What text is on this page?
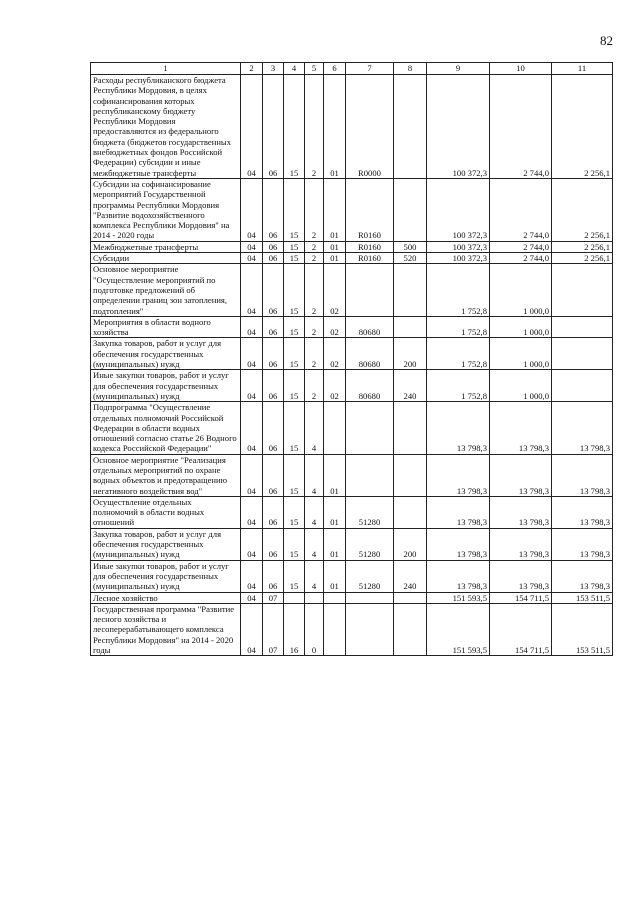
82
1	2	3	4	5	6	7	8	9	10	11
Расходы республиканского бюджета Республики Мордовия, в целях софинансирования которых республиканскому бюджету Республики Мордовия предоставляются из федерального бюджета (бюджетов государственных внебюджетных фондов Российской Федерации) субсидии и иные межбюджетные трансферты	04	06	15	2	01	R0000		100 372,3	2 744,0	2 256,1
Субсидии на софинансирование мероприятий Государственной программы Республики Мордовия "Развитие водохозяйственного комплекса Республики Мордовия" на 2014 - 2020 годы	04	06	15	2	01	R0160		100 372,3	2 744,0	2 256,1
Межбюджетные трансферты	04	06	15	2	01	R0160	500	100 372,3	2 744,0	2 256,1
Субсидии	04	06	15	2	01	R0160	520	100 372,3	2 744,0	2 256,1
Основное мероприятие "Осуществление мероприятий по подготовке предложений об определении границ зон затопления, подтопления"	04	06	15	2	02			1 752,8	1 000,0	
Мероприятия в области водного хозяйства	04	06	15	2	02	80680		1 752,8	1 000,0	
Закупка товаров, работ и услуг для обеспечения государственных (муниципальных) нужд	04	06	15	2	02	80680	200	1 752,8	1 000,0	
Иные закупки товаров, работ и услуг для обеспечения государственных (муниципальных) нужд	04	06	15	2	02	80680	240	1 752,8	1 000,0	
Подпрограмма "Осуществление отдельных полномочий Российской Федерации в области водных отношений согласно статье 26 Водного кодекса Российской Федерации"	04	06	15	4				13 798,3	13 798,3	13 798,3
Основное мероприятие "Реализация отдельных мероприятий по охране водных объектов и предотвращению негативного воздействия вод"	04	06	15	4	01			13 798,3	13 798,3	13 798,3
Осуществление отдельных полномочий в области водных отношений	04	06	15	4	01	51280		13 798,3	13 798,3	13 798,3
Закупка товаров, работ и услуг для обеспечения государственных (муниципальных) нужд	04	06	15	4	01	51280	200	13 798,3	13 798,3	13 798,3
Иные закупки товаров, работ и услуг для обеспечения государственных (муниципальных) нужд	04	06	15	4	01	51280	240	13 798,3	13 798,3	13 798,3
Лесное хозяйство	04	07						151 593,5	154 711,5	153 511,5
Государственная программа "Развитие лесного хозяйства и лесоперерабатывающего комплекса Республики Мордовия" на 2014 - 2020 годы	04	07	16	0				151 593,5	154 711,5	153 511,5
